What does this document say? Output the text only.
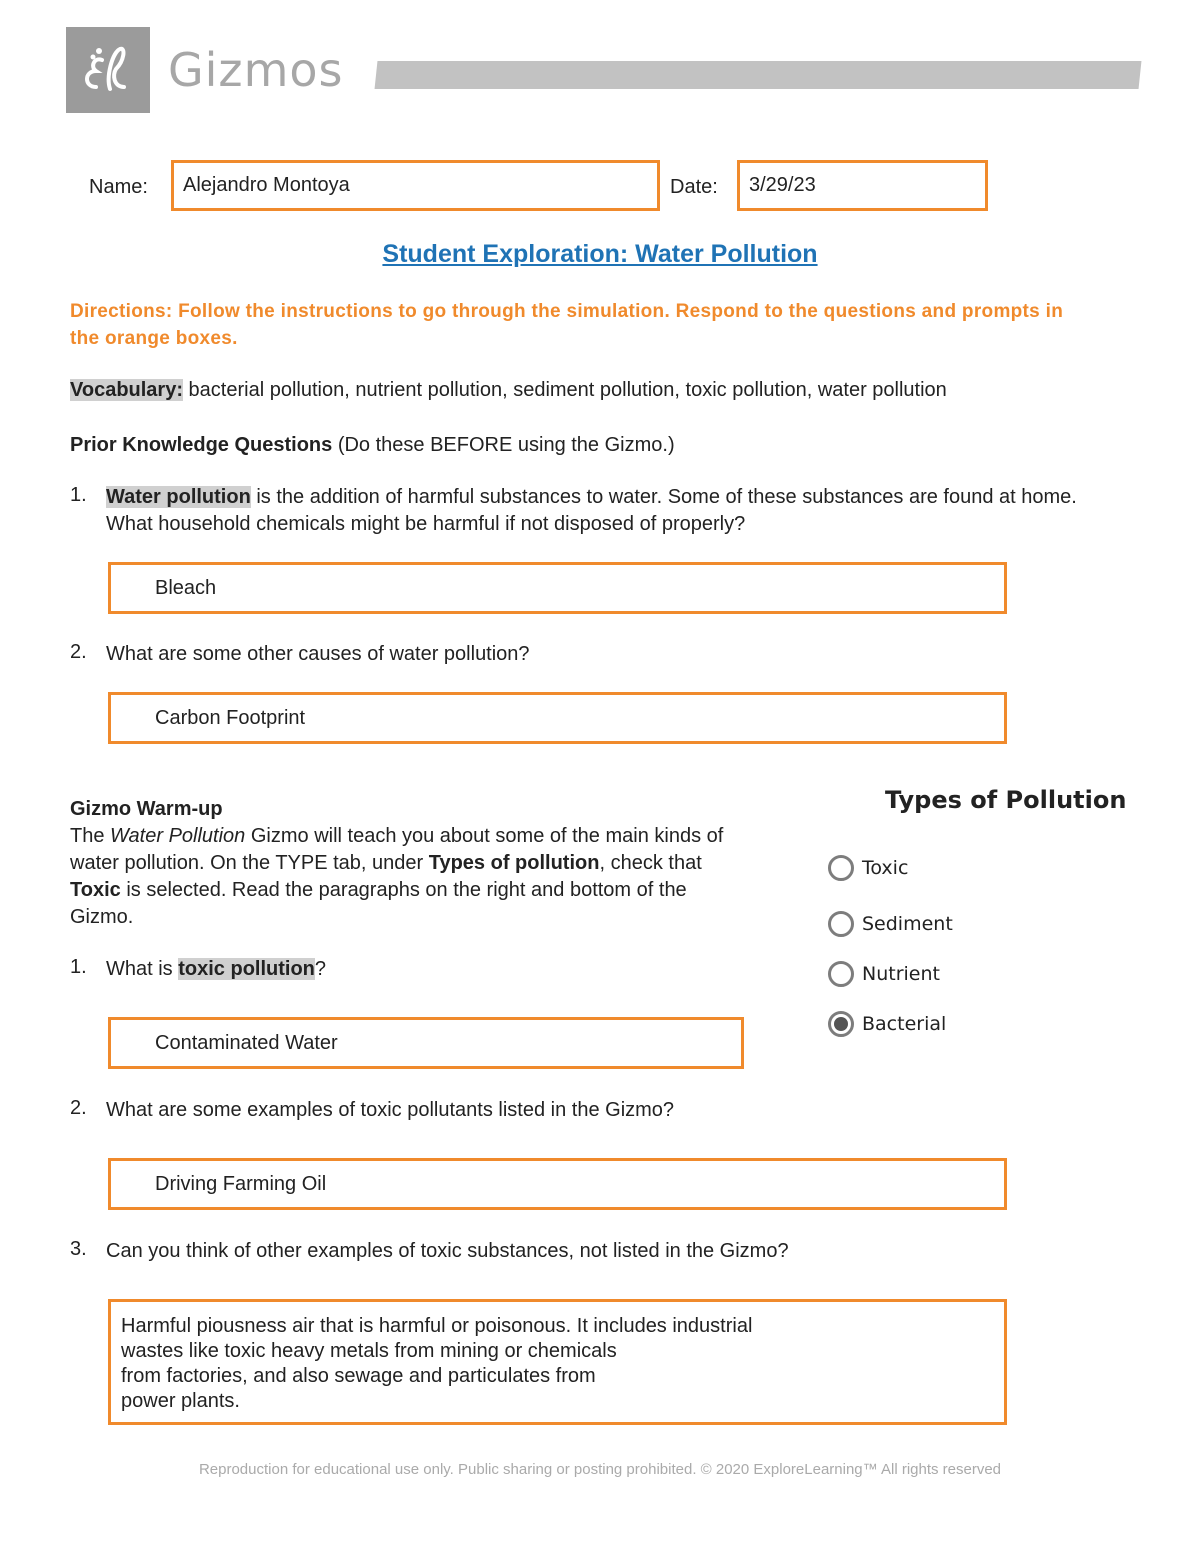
Gizmos
Name: Alejandro Montoya	Date: 3/29/23
Student Exploration: Water Pollution
Directions: Follow the instructions to go through the simulation. Respond to the questions and prompts in the orange boxes.
Vocabulary: bacterial pollution, nutrient pollution, sediment pollution, toxic pollution, water pollution
Prior Knowledge Questions (Do these BEFORE using the Gizmo.)
1. Water pollution is the addition of harmful substances to water. Some of these substances are found at home. What household chemicals might be harmful if not disposed of properly?
Bleach
2. What are some other causes of water pollution?
Carbon Footprint
Gizmo Warm-up
The Water Pollution Gizmo will teach you about some of the main kinds of water pollution. On the TYPE tab, under Types of pollution, check that Toxic is selected. Read the paragraphs on the right and bottom of the Gizmo.
1. What is toxic pollution?
Contaminated Water
2. What are some examples of toxic pollutants listed in the Gizmo?
Driving Farming Oil
3. Can you think of other examples of toxic substances, not listed in the Gizmo?
Harmful piousness air that is harmful or poisonous. It includes industrial
wastes like toxic heavy metals from mining or chemicals
from factories, and also sewage and particulates from
power plants.
Types of Pollution
Toxic
Sediment
Nutrient
Bacterial
Reproduction for educational use only. Public sharing or posting prohibited. © 2020 ExploreLearning™ All rights reserved
